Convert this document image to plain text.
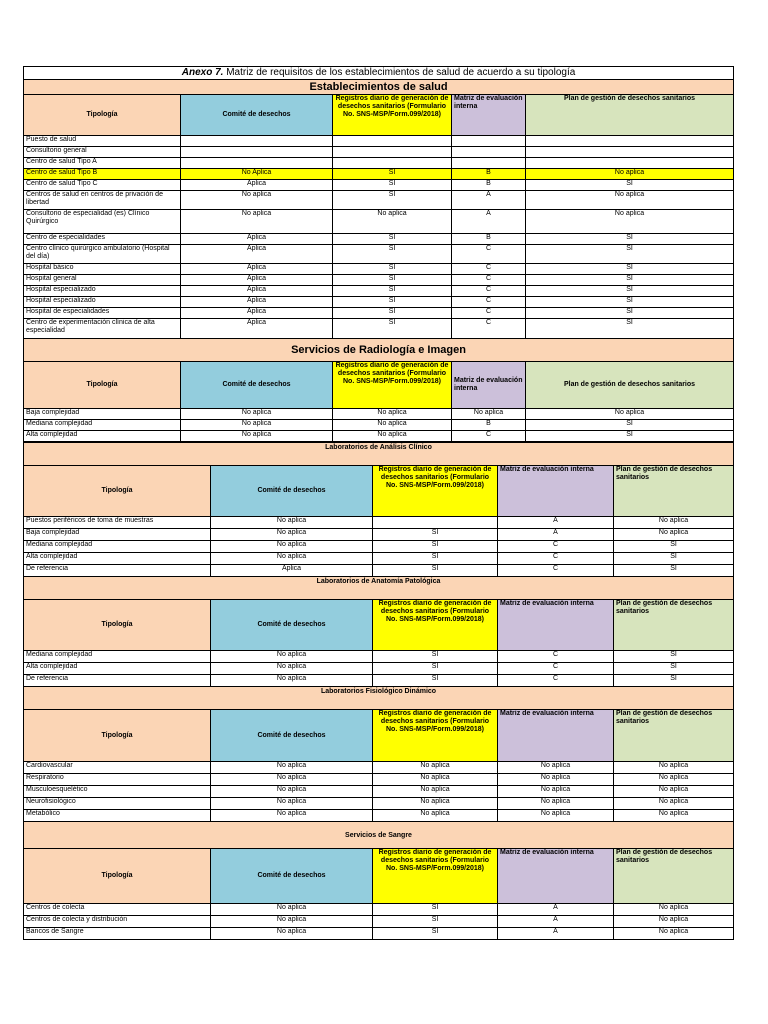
Anexo 7. Matriz de requisitos de los establecimientos de salud de acuerdo a su tipología				
Establecimientos de salud				
Tipología	Comité de desechos	Registros diario de generación de desechos sanitarios (Formulario No. SNS-MSP/Form.099/2018)	Matriz de evaluación interna	Plan de gestión de desechos sanitarios
Puesto de salud				
Consultorio general				
Centro de salud Tipo A				
Centro de salud Tipo B	No Aplica	SI	B	No aplica
Centro de salud Tipo C	Aplica	SI	B	SI
Centros de salud en centros de privación de libertad	No aplica	SI	A	No aplica
Consultorio de especialidad (es) Clínico Quirúrgico	No aplica	No aplica	A	No aplica
Centro de especialidades	Aplica	SI	B	SI
Centro clínico quirúrgico ambulatorio (Hospital del día)	Aplica	SI	C	SI
Hospital básico	Aplica	SI	C	SI
Hospital general	Aplica	SI	C	SI
Hospital especializado	Aplica	SI	C	SI
Hospital especializado	Aplica	SI	C	SI
Hospital de especialidades	Aplica	SI	C	SI
Centro de experimentación clínica de alta especialidad	Aplica	SI	C	SI
Servicios de Radiología e Imagen				
Tipología	Comité de desechos	Registros diario de generación de desechos sanitarios (Formulario No. SNS-MSP/Form.099/2018)	Matriz de evaluación interna	Plan de gestión de desechos sanitarios
Baja complejidad	No aplica	No aplica	No aplica	No aplica
Mediana complejidad	No aplica	No aplica	B	SI
Alta complejidad	No aplica	No aplica	C	SI
Laboratorios de Análisis Clínico				
Tipología	Comité de desechos	Registros diario de generación de desechos sanitarios (Formulario No. SNS-MSP/Form.099/2018)	Matriz de evaluación interna	Plan de gestión de desechos sanitarios
Puestos periféricos de toma de muestras	No aplica		A	No aplica
Baja complejidad	No aplica	SI	A	No aplica
Mediana complejidad	No aplica	SI	C	SI
Alta complejidad	No aplica	SI	C	SI
De referencia	Aplica	SI	C	SI
Laboratorios de Anatomía Patológica				
Tipología	Comité de desechos	Registros diario de generación de desechos sanitarios (Formulario No. SNS-MSP/Form.099/2018)	Matriz de evaluación interna	Plan de gestión de desechos sanitarios
Mediana complejidad	No aplica	SI	C	SI
Alta complejidad	No aplica	SI	C	SI
De referencia	No aplica	SI	C	SI
Laboratorios Fisiológico Dinámico				
Tipología	Comité de desechos	Registros diario de generación de desechos sanitarios (Formulario No. SNS-MSP/Form.099/2018)	Matriz de evaluación interna	Plan de gestión de desechos sanitarios
Cardiovascular	No aplica	No aplica	No aplica	No aplica
Respiratorio	No aplica	No aplica	No aplica	No aplica
Musculoesquelético	No aplica	No aplica	No aplica	No aplica
Neurofisiológico	No aplica	No aplica	No aplica	No aplica
Metabólico	No aplica	No aplica	No aplica	No aplica
Servicios de Sangre				
Tipología	Comité de desechos	Registros diario de generación de desechos sanitarios (Formulario No. SNS-MSP/Form.099/2018)	Matriz de evaluación interna	Plan de gestión de desechos sanitarios
Centros de colecta	No aplica	SI	A	No aplica
Centros de colecta y distribución	No aplica	SI	A	No aplica
Bancos de Sangre	No aplica	SI	A	No aplica
